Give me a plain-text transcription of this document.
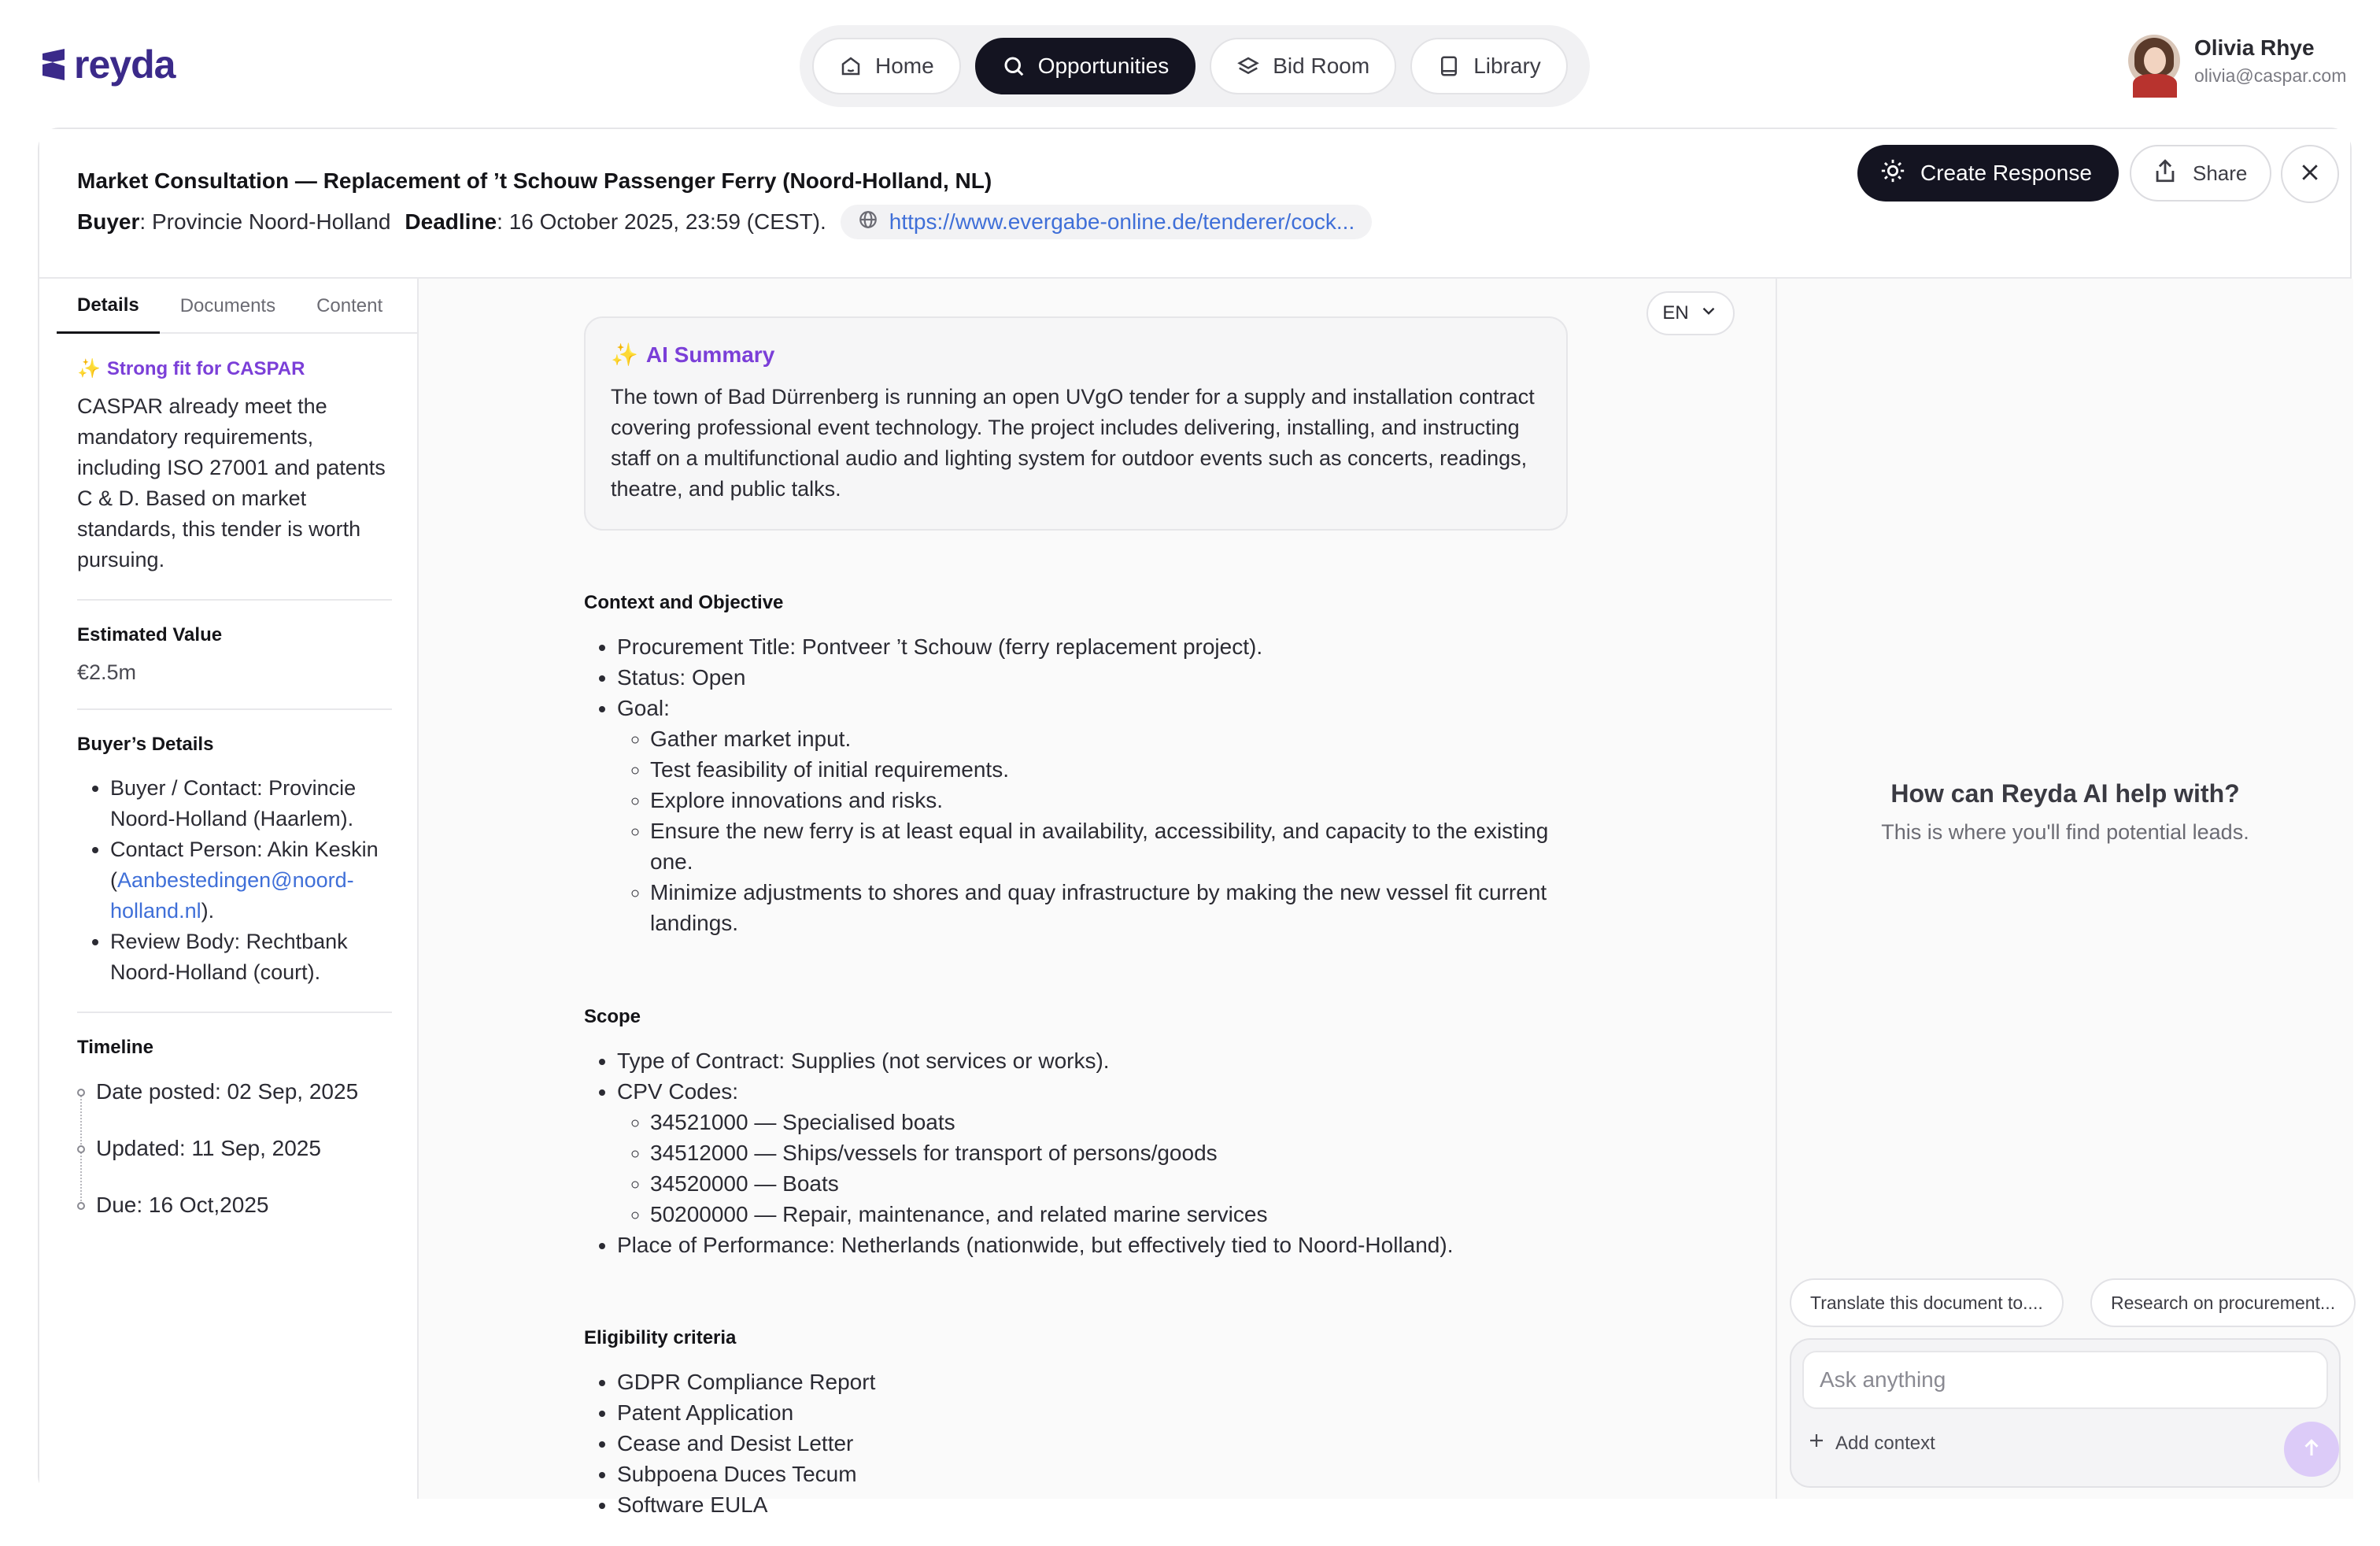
reyda	Home	Opportunities	Bid Room	Library
Olivia Rhye
olivia@caspar.com
Market Consultation — Replacement of ’t Schouw Passenger Ferry (Noord-Holland, NL)
Buyer: Provincie Noord-Holland Deadline: 16 October 2025, 23:59 (CEST).	https://www.evergabe-online.de/tenderer/cock...
Create Response	Share
Details	Documents	Content
✨ Strong fit for CASPAR
CASPAR already meet the mandatory requirements, including ISO 27001 and patents C & D. Based on market standards, this tender is worth pursuing.
Estimated Value
€2.5m
Buyer’s Details
• Buyer / Contact: Provincie Noord-Holland (Haarlem).
• Contact Person: Akin Keskin (Aanbestedingen@noord-holland.nl).
• Review Body: Rechtbank Noord-Holland (court).
Timeline
Date posted: 02 Sep, 2025
Updated: 11 Sep, 2025
Due: 16 Oct,2025
EN
✨ AI Summary
The town of Bad Dürrenberg is running an open UVgO tender for a supply and installation contract covering professional event technology. The project includes delivering, installing, and instructing staff on a multifunctional audio and lighting system for outdoor events such as concerts, readings, theatre, and public talks.
Context and Objective
• Procurement Title: Pontveer ’t Schouw (ferry replacement project).
• Status: Open
• Goal:
◦ Gather market input.
◦ Test feasibility of initial requirements.
◦ Explore innovations and risks.
◦ Ensure the new ferry is at least equal in availability, accessibility, and capacity to the existing one.
◦ Minimize adjustments to shores and quay infrastructure by making the new vessel fit current landings.
Scope
• Type of Contract: Supplies (not services or works).
• CPV Codes:
◦ 34521000 — Specialised boats
◦ 34512000 — Ships/vessels for transport of persons/goods
◦ 34520000 — Boats
◦ 50200000 — Repair, maintenance, and related marine services
• Place of Performance: Netherlands (nationwide, but effectively tied to Noord-Holland).
Eligibility criteria
• GDPR Compliance Report
• Patent Application
• Cease and Desist Letter
• Subpoena Duces Tecum
• Software EULA
How can Reyda AI help with?
This is where you'll find potential leads.
Translate this document to....	Research on procurement...
Ask anything
Add context
